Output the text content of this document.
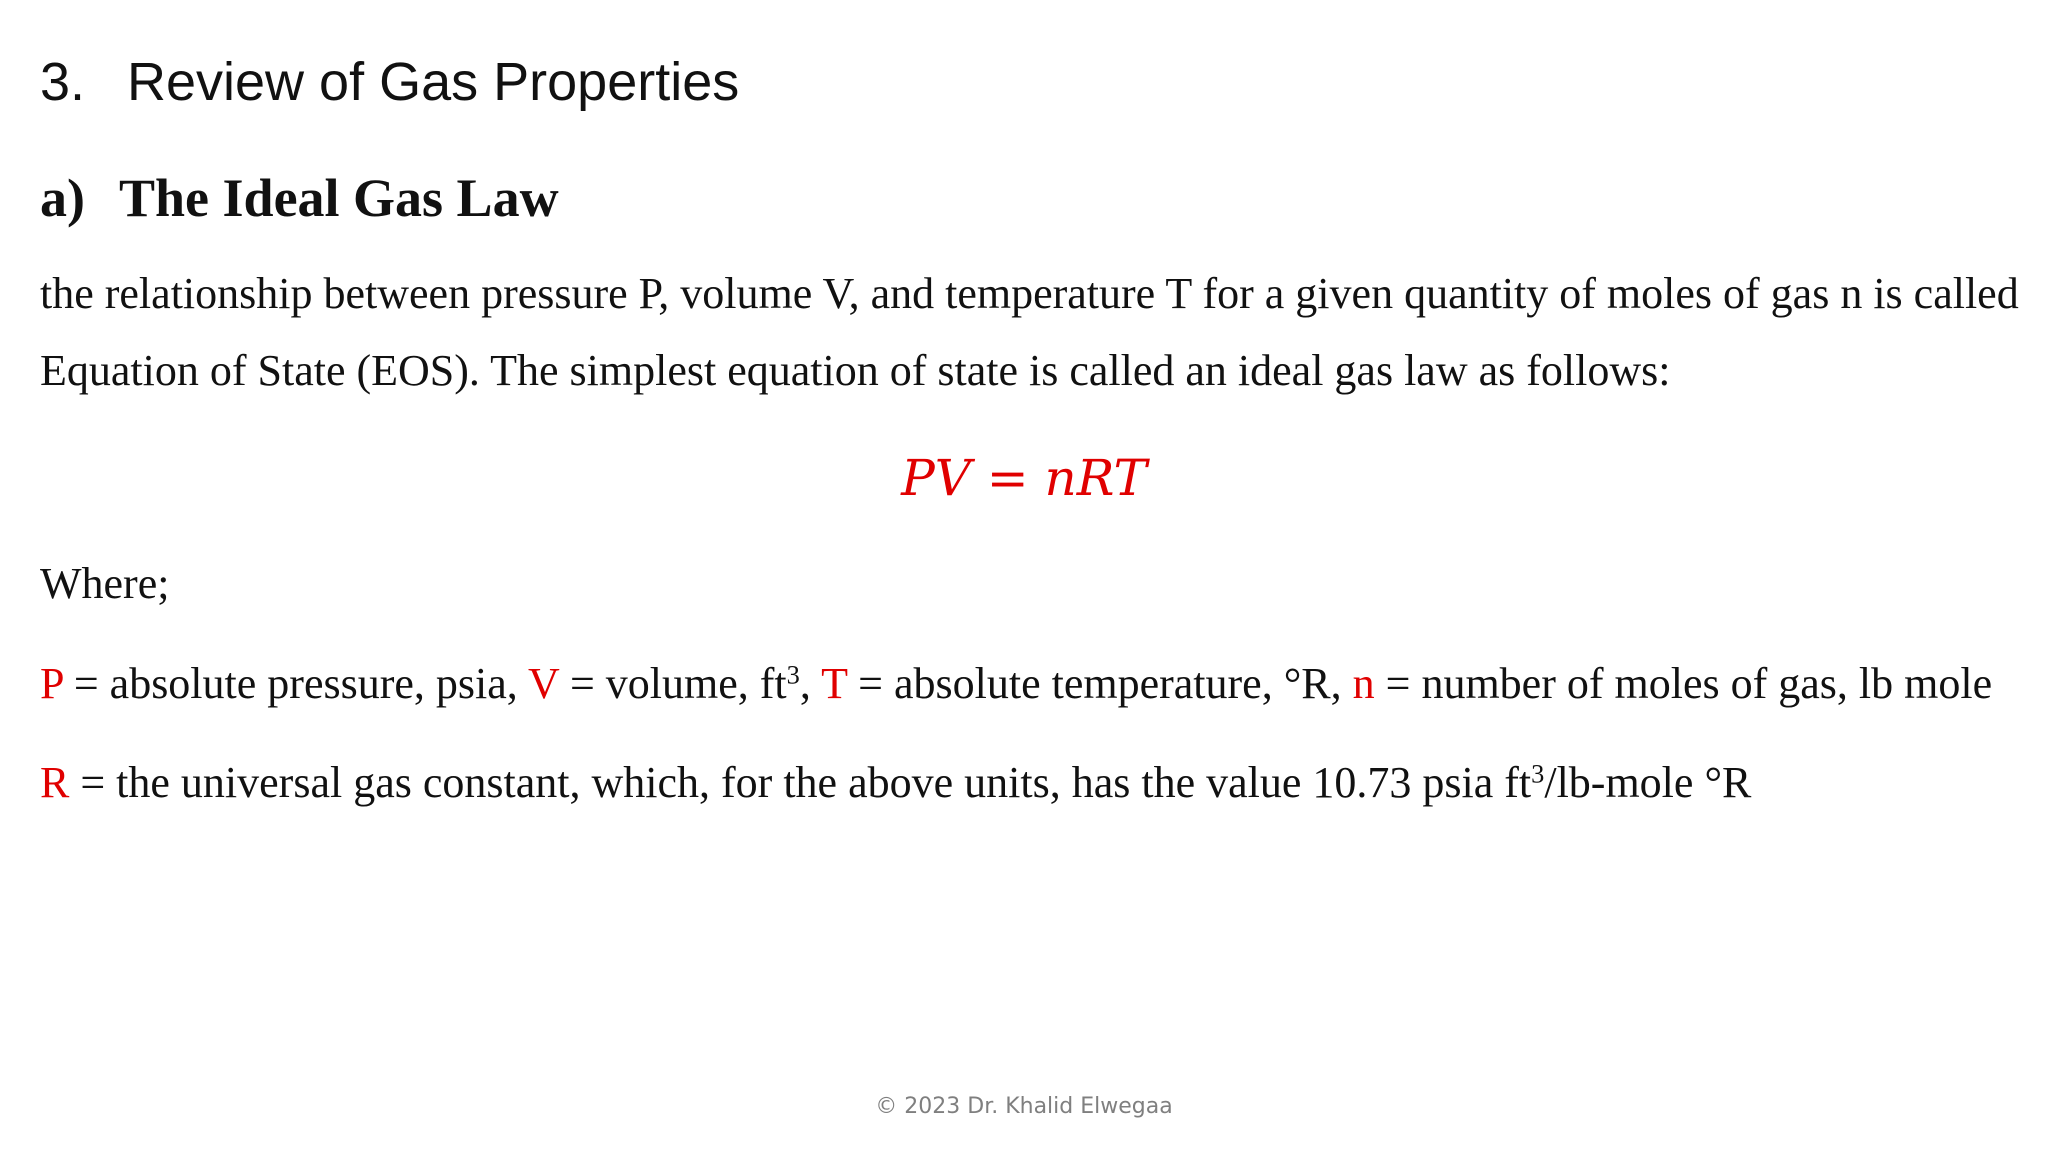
3. Review of Gas Properties
a) The Ideal Gas Law
the relationship between pressure P, volume V, and temperature T for a given quantity of moles of gas n is called
Equation of State (EOS). The simplest equation of state is called an ideal gas law as follows:
PV = nRT
Where;
P = absolute pressure, psia, V = volume, $ft^3$, T = absolute temperature, °R, n = number of moles of gas, lb mole
R = the universal gas constant, which, for the above units, has the value 10.73 psia $ft^3/lb$-mole °R
© 2023 Dr. Khalid Elwegaa
